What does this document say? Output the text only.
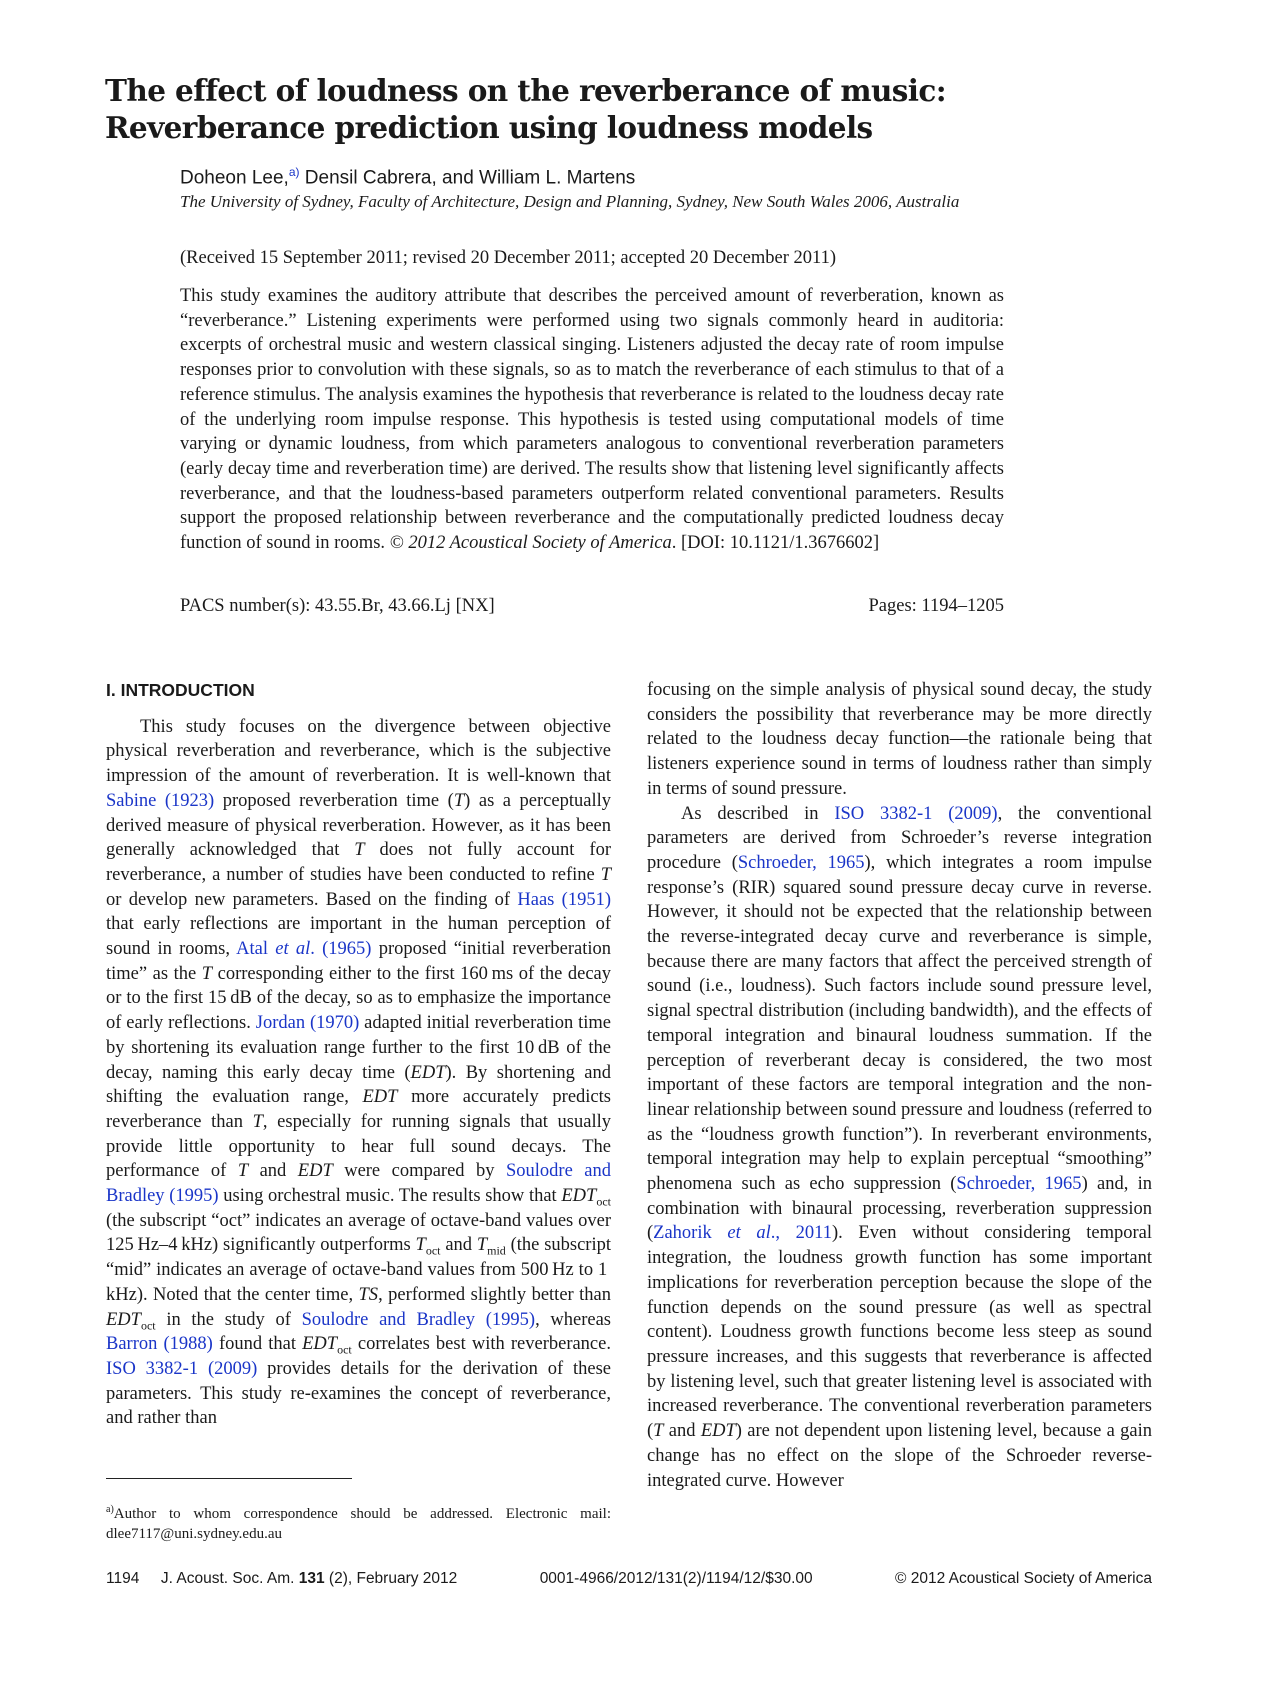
The effect of loudness on the reverberance of music:
Reverberance prediction using loudness models
Doheon Lee,$^{a)}$ Densil Cabrera, and William L. Martens
The University of Sydney, Faculty of Architecture, Design and Planning, Sydney, New South Wales 2006, Australia
(Received 15 September 2011; revised 20 December 2011; accepted 20 December 2011)

This study examines the auditory attribute that describes the perceived amount of reverberation, known as “reverberance.” Listening experiments were performed using two signals commonly heard in auditoria: excerpts of orchestral music and western classical singing. Listeners adjusted the decay rate of room impulse responses prior to convolution with these signals, so as to match the reverberance of each stimulus to that of a reference stimulus. The analysis examines the hypothesis that reverberance is related to the loudness decay rate of the underlying room impulse response. This hypothesis is tested using computational models of time varying or dynamic loudness, from which parameters analogous to conventional reverberation parameters (early decay time and reverberation time) are derived. The results show that listening level significantly affects reverberance, and that the loudness-based parameters outperform related conventional parameters. Results support the proposed relationship between reverberance and the computationally predicted loudness decay function of sound in rooms. © 2012 Acoustical Society of America. [DOI: 10.1121/1.3676602]

PACS number(s): 43.55.Br, 43.66.Lj [NX]	Pages: 1194–1205
I. INTRODUCTION

This study focuses on the divergence between objective physical reverberation and reverberance, which is the subjective impression of the amount of reverberation. It is well-known that Sabine (1923) proposed reverberation time (T) as a perceptually derived measure of physical reverberation. However, as it has been generally acknowledged that T does not fully account for reverberance, a number of studies have been conducted to refine T or develop new parameters. Based on the finding of Haas (1951) that early reflections are important in the human perception of sound in rooms, Atal et al. (1965) proposed “initial reverberation time” as the T corresponding either to the first 160 ms of the decay or to the first 15 dB of the decay, so as to emphasize the importance of early reflections. Jordan (1970) adapted initial reverberation time by shortening its evaluation range further to the first 10 dB of the decay, naming this early decay time (EDT). By shortening and shifting the evaluation range, EDT more accurately predicts reverberance than T, especially for running signals that usually provide little opportunity to hear full sound decays. The performance of T and EDT were compared by Soulodre and Bradley (1995) using orchestral music. The results show that $EDT_{oct}$ (the subscript “oct” indicates an average of octave-band values over 125 Hz–4 kHz) significantly outperforms $T_{oct}$ and $T_{mid}$ (the subscript “mid” indicates an average of octave-band values from 500 Hz to 1 kHz). Noted that the center time, TS, performed slightly better than $EDT_{oct}$ in the study of Soulodre and Bradley (1995), whereas Barron (1988) found that $EDT_{oct}$ correlates best with reverberance. ISO 3382-1 (2009) provides details for the derivation of these parameters. This study re-examines the concept of reverberance, and rather than

focusing on the simple analysis of physical sound decay, the study considers the possibility that reverberance may be more directly related to the loudness decay function—the rationale being that listeners experience sound in terms of loudness rather than simply in terms of sound pressure.

As described in ISO 3382-1 (2009), the conventional parameters are derived from Schroeder’s reverse integration procedure (Schroeder, 1965), which integrates a room impulse response’s (RIR) squared sound pressure decay curve in reverse. However, it should not be expected that the relationship between the reverse-integrated decay curve and reverberance is simple, because there are many factors that affect the perceived strength of sound (i.e., loudness). Such factors include sound pressure level, signal spectral distribution (including bandwidth), and the effects of temporal integration and binaural loudness summation. If the perception of reverberant decay is considered, the two most important of these factors are temporal integration and the non-linear relationship between sound pressure and loudness (referred to as the “loudness growth function”). In reverberant environments, temporal integration may help to explain perceptual “smoothing” phenomena such as echo suppression (Schroeder, 1965) and, in combination with binaural processing, reverberation suppression (Zahorik et al., 2011). Even without considering temporal integration, the loudness growth function has some important implications for reverberation perception because the slope of the function depends on the sound pressure (as well as spectral content). Loudness growth functions become less steep as sound pressure increases, and this suggests that reverberance is affected by listening level, such that greater listening level is associated with increased reverberance. The conventional reverberation parameters (T and EDT) are not dependent upon listening level, because a gain change has no effect on the slope of the Schroeder reverse-integrated curve. However

$^{a)}$Author to whom correspondence should be addressed. Electronic mail: dlee7117@uni.sydney.edu.au
1194 J. Acoust. Soc. Am. 131 (2), February 2012	0001-4966/2012/131(2)/1194/12/$30.00	© 2012 Acoustical Society of America
